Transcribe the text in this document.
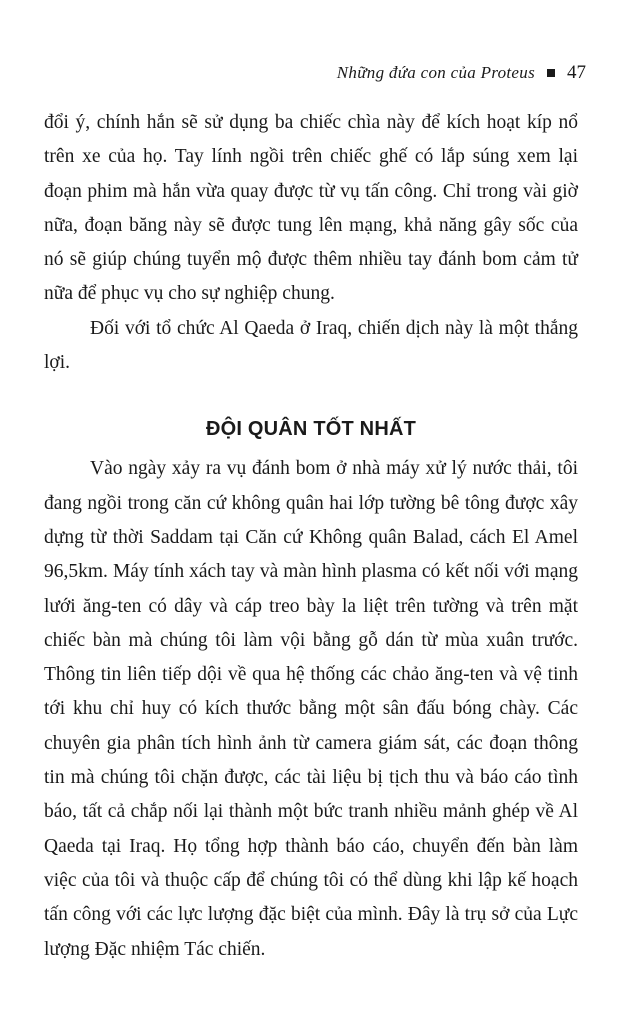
Những đứa con của Proteus 47

đổi ý, chính hắn sẽ sử dụng ba chiếc chìa này để kích hoạt kíp nổ trên xe của họ. Tay lính ngồi trên chiếc ghế có lắp súng xem lại đoạn phim mà hắn vừa quay được từ vụ tấn công. Chỉ trong vài giờ nữa, đoạn băng này sẽ được tung lên mạng, khả năng gây sốc của nó sẽ giúp chúng tuyển mộ được thêm nhiều tay đánh bom cảm tử nữa để phục vụ cho sự nghiệp chung.

Đối với tổ chức Al Qaeda ở Iraq, chiến dịch này là một thắng lợi.

ĐỘI QUÂN TỐT NHẤT

Vào ngày xảy ra vụ đánh bom ở nhà máy xử lý nước thải, tôi đang ngồi trong căn cứ không quân hai lớp tường bê tông được xây dựng từ thời Saddam tại Căn cứ Không quân Balad, cách El Amel 96,5km. Máy tính xách tay và màn hình plasma có kết nối với mạng lưới ăng-ten có dây và cáp treo bày la liệt trên tường và trên mặt chiếc bàn mà chúng tôi làm vội bằng gỗ dán từ mùa xuân trước. Thông tin liên tiếp dội về qua hệ thống các chảo ăng-ten và vệ tinh tới khu chỉ huy có kích thước bằng một sân đấu bóng chày. Các chuyên gia phân tích hình ảnh từ camera giám sát, các đoạn thông tin mà chúng tôi chặn được, các tài liệu bị tịch thu và báo cáo tình báo, tất cả chắp nối lại thành một bức tranh nhiều mảnh ghép về Al Qaeda tại Iraq. Họ tổng hợp thành báo cáo, chuyển đến bàn làm việc của tôi và thuộc cấp để chúng tôi có thể dùng khi lập kế hoạch tấn công với các lực lượng đặc biệt của mình. Đây là trụ sở của Lực lượng Đặc nhiệm Tác chiến.
